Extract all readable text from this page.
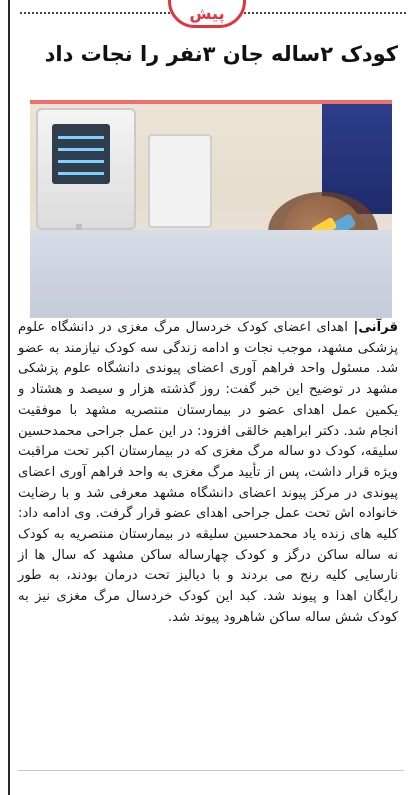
پیش
کودک ۲ساله جان ۳نفر را نجات داد

قرآنی| اهدای اعضای کودک خردسال مرگ مغزی در دانشگاه علوم پزشکی مشهد، موجب نجات و ادامه زندگی سه کودک نیازمند به عضو شد. مسئول واحد فراهم آوری اعضای پیوندی دانشگاه علوم پزشکی مشهد در توضیح این خبر گفت: روز گذشته هزار و سیصد و هشتاد و یکمین عمل اهدای عضو در بیمارستان منتصریه مشهد با موفقیت انجام شد. دکتر ابراهیم خالقی افزود: در این عمل جراحی محمدحسین سلیقه، کودک دو ساله مرگ مغزی که در بیمارستان اکبر تحت مراقبت ویژه قرار داشت، پس از تأیید مرگ مغزی به واحد فراهم آوری اعضای پیوندی در مرکز پیوند اعضای دانشگاه مشهد معرفی شد و با رضایت خانواده اش تحت عمل جراحی اهدای عضو قرار گرفت. وی ادامه داد: کلیه های زنده یاد محمدحسین سلیقه در بیمارستان منتصریه به کودک نه ساله ساکن درگز و کودک چهارساله ساکن مشهد که سال ها از نارسایی کلیه رنج می بردند و با دیالیز تحت درمان بودند، به طور رایگان اهدا و پیوند شد. کبد این کودک خردسال مرگ مغزی نیز به کودک شش ساله ساکن شاهرود پیوند شد.
